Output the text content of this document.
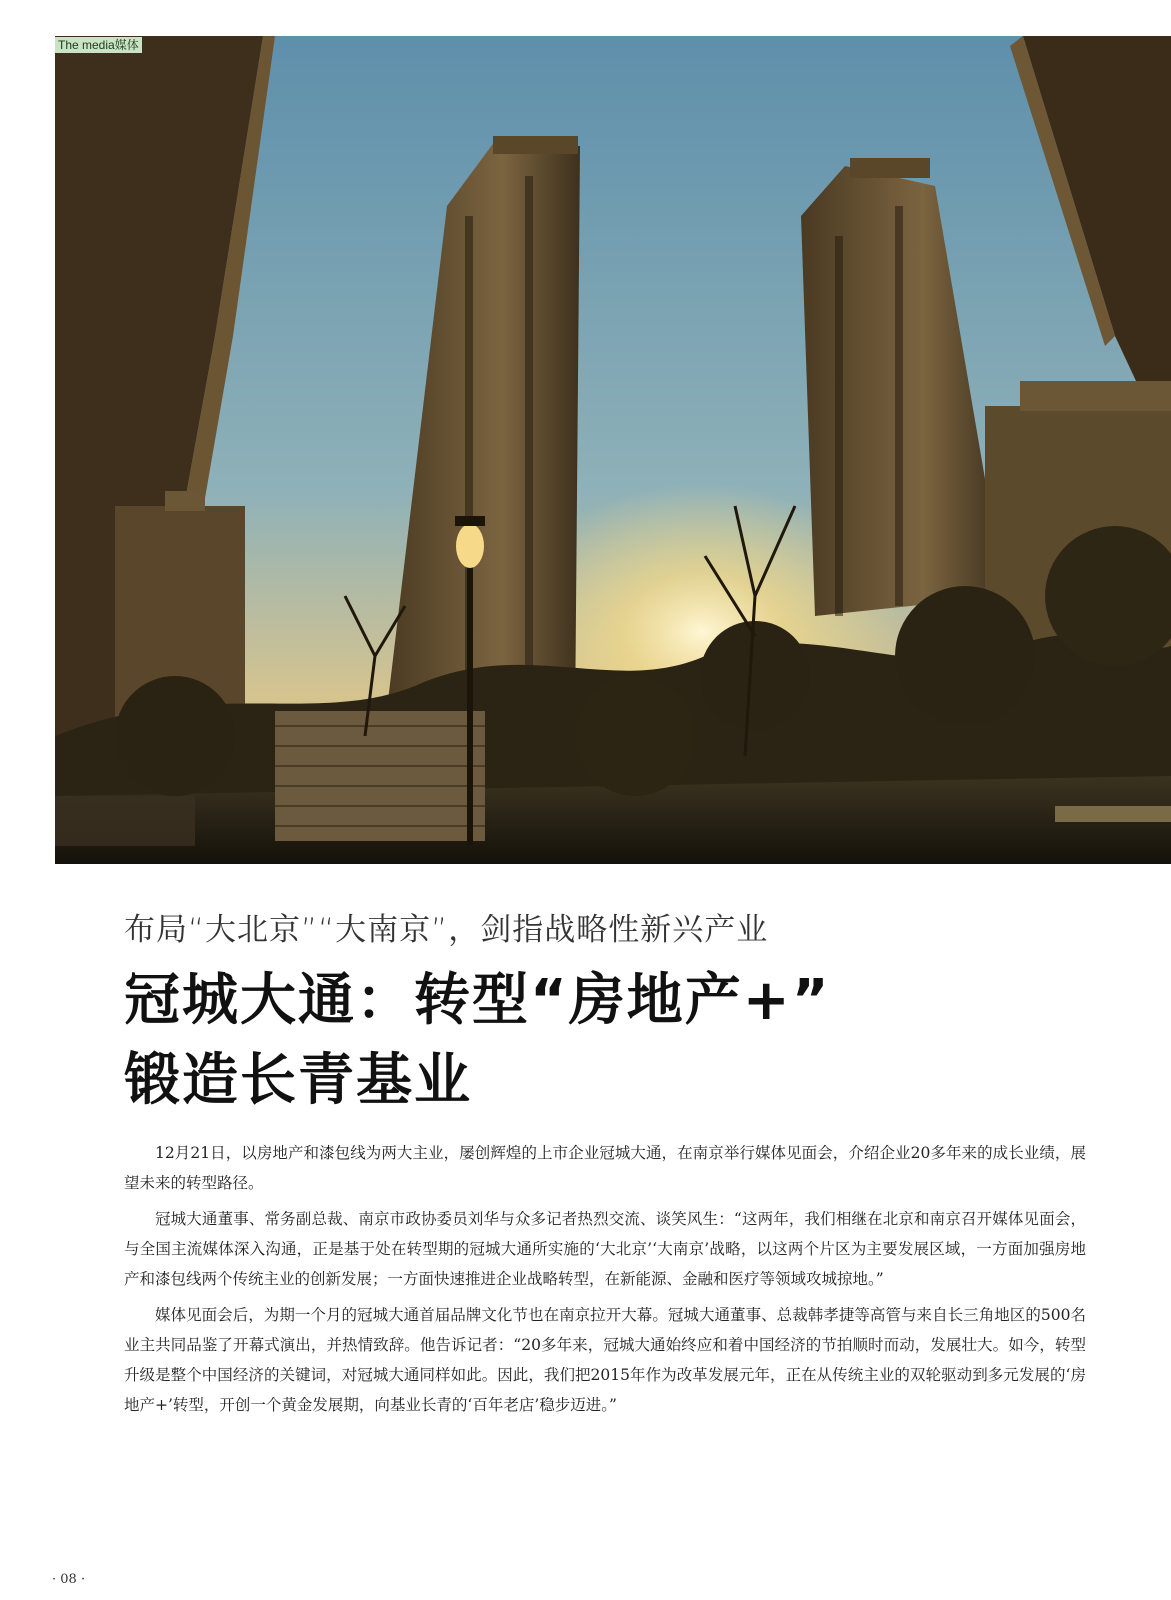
The media媒体
布局“大北京”“大南京”，剑指战略性新兴产业
冠城大通：转型“房地产+”
锻造长青基业

12月21日，以房地产和漆包线为两大主业，屡创辉煌的上市企业冠城大通，在南京举行媒体见面会，介绍企业20多年来的成长业绩，展望未来的转型路径。

冠城大通董事、常务副总裁、南京市政协委员刘华与众多记者热烈交流、谈笑风生：“这两年，我们相继在北京和南京召开媒体见面会，与全国主流媒体深入沟通，正是基于处在转型期的冠城大通所实施的‘大北京’‘大南京’战略，以这两个片区为主要发展区域，一方面加强房地产和漆包线两个传统主业的创新发展；一方面快速推进企业战略转型，在新能源、金融和医疗等领域攻城掠地。”

媒体见面会后，为期一个月的冠城大通首届品牌文化节也在南京拉开大幕。冠城大通董事、总裁韩孝捷等高管与来自长三角地区的500名业主共同品鉴了开幕式演出，并热情致辞。他告诉记者：“20多年来，冠城大通始终应和着中国经济的节拍顺时而动，发展壮大。如今，转型升级是整个中国经济的关键词，对冠城大通同样如此。因此，我们把2015年作为改革发展元年，正在从传统主业的双轮驱动到多元发展的‘房地产+’转型，开创一个黄金发展期，向基业长青的‘百年老店’稳步迈进。”

· 08 ·
